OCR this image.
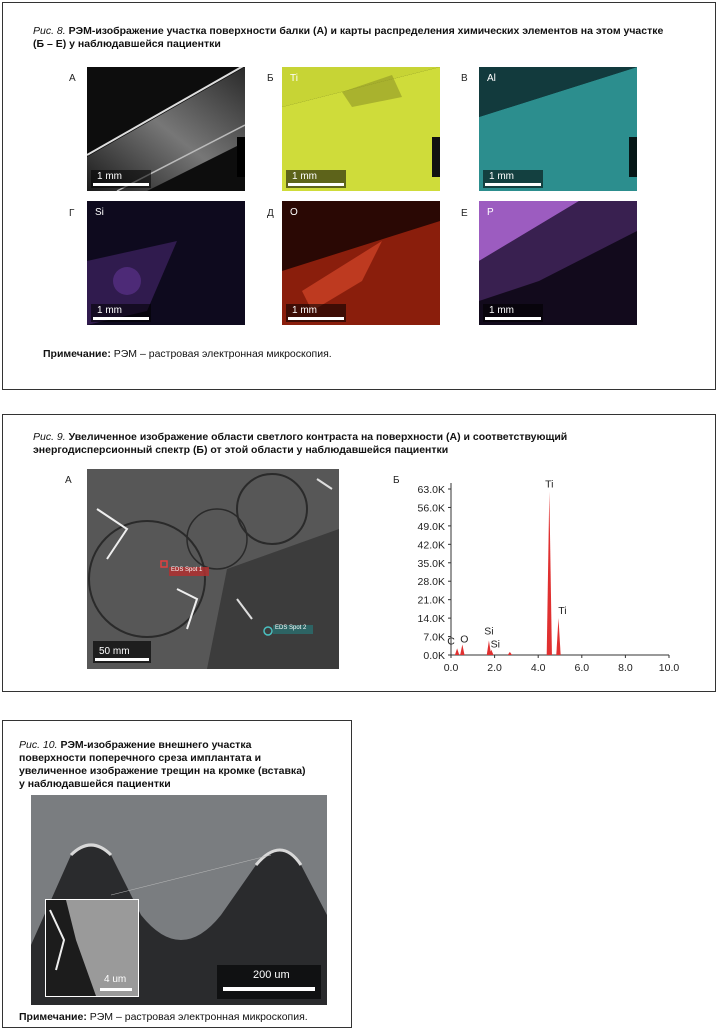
Рис. 8. РЭМ-изображение участка поверхности балки (А) и карты распределения химических элементов на этом участке (Б – Е) у наблюдавшейся пациентки
А
1 mm
Б Ti
1 mm
В Al
1 mm
Г Si
1 mm
Д O
1 mm
Е P
1 mm
Примечание: РЭМ – растровая электронная микроскопия.
Рис. 9. Увеличенное изображение области светлого контраста на поверхности (А) и соответствующий энергодисперсионный спектр (Б) от этой области у наблюдавшейся пациентки
А
EDS Spot 1
EDS Spot 2
50 mm
Б
0.0K
7.0K
14.0K
21.0K
28.0K
35.0K
42.0K
49.0K
56.0K
63.0K
0.0	2.0	4.0	6.0	8.0 10.0
C O
Si
Si
Ti
Ti
Рис. 10. РЭМ-изображение внешнего участка поверхности поперечного среза имплантата и увеличенное изображение трещин на кромке (вставка) у наблюдавшейся пациентки
4 um	200 um
Примечание: РЭМ – растровая электронная микроскопия.
